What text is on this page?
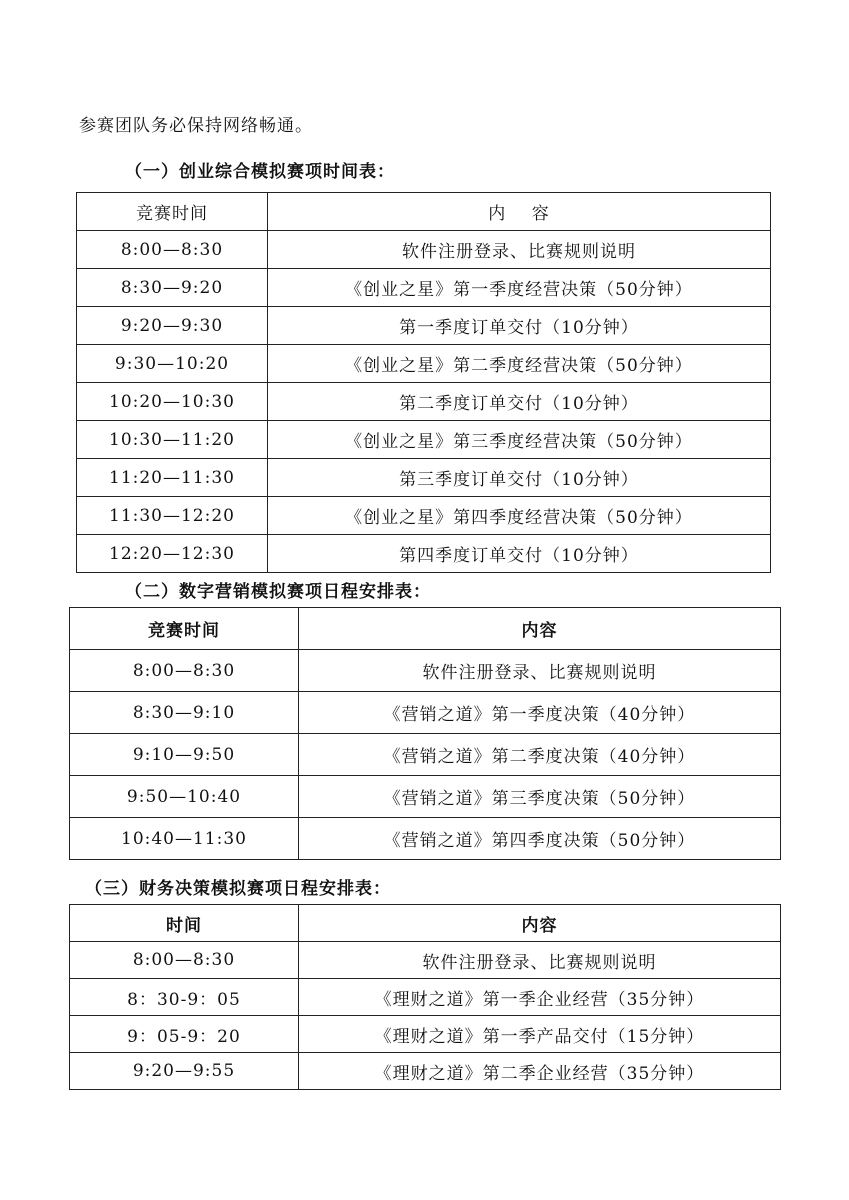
参赛团队务必保持网络畅通。
（一）创业综合模拟赛项时间表：
竞赛时间	内    容
8:00—8:30	软件注册登录、比赛规则说明
8:30—9:20	《创业之星》第一季度经营决策（50分钟）
9:20—9:30	第一季度订单交付（10分钟）
9:30—10:20	《创业之星》第二季度经营决策（50分钟）
10:20—10:30	第二季度订单交付（10分钟）
10:30—11:20	《创业之星》第三季度经营决策（50分钟）
11:20—11:30	第三季度订单交付（10分钟）
11:30—12:20	《创业之星》第四季度经营决策（50分钟）
12:20—12:30	第四季度订单交付（10分钟）
（二）数字营销模拟赛项日程安排表：
竞赛时间	内容
8:00—8:30	软件注册登录、比赛规则说明
8:30—9:10	《营销之道》第一季度决策（40分钟）
9:10—9:50	《营销之道》第二季度决策（40分钟）
9:50—10:40	《营销之道》第三季度决策（50分钟）
10:40—11:30	《营销之道》第四季度决策（50分钟）
（三）财务决策模拟赛项日程安排表：
时间	内容
8:00—8:30	软件注册登录、比赛规则说明
8：30-9：05	《理财之道》第一季企业经营（35分钟）
9：05-9：20	《理财之道》第一季产品交付（15分钟）
9:20—9:55	《理财之道》第二季企业经营（35分钟）
